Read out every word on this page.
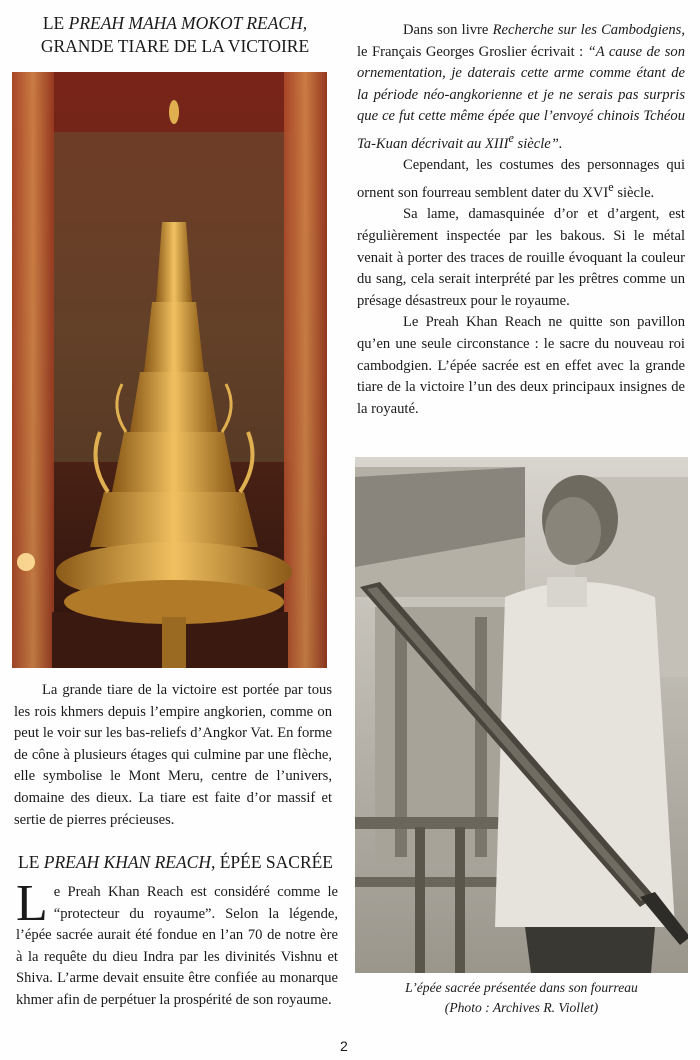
LE PREAH MAHA MOKOT REACH,
GRANDE TIARE DE LA VICTOIRE

La grande tiare de la victoire est portée par tous les rois khmers depuis l’empire angkorien, comme on peut le voir sur les bas-reliefs d’Angkor Vat. En forme de cône à plusieurs étages qui culmine par une flèche, elle symbolise le Mont Meru, centre de l’univers, domaine des dieux. La tiare est faite d’or massif et sertie de pierres précieuses.

LE PREAH KHAN REACH, ÉPÉE SACRÉE

Le Preah Khan Reach est considéré comme le “protecteur du royaume”. Selon la légende, l’épée sacrée aurait été fondue en l’an 70 de notre ère à la requête du dieu Indra par les divinités Vishnu et Shiva. L’arme devait ensuite être confiée au monarque khmer afin de perpétuer la prospérité de son royaume.

Dans son livre Recherche sur les Cambodgiens, le Français Georges Groslier écrivait : “A cause de son ornementation, je daterais cette arme comme étant de la période néo-angkorienne et je ne serais pas surpris que ce fut cette même épée que l’envoyé chinois Tchéou Ta-Kuan décrivait au XIIIe siècle”.

Cependant, les costumes des personnages qui ornent son fourreau semblent dater du XVIe siècle.

Sa lame, damasquinée d’or et d’argent, est régulièrement inspectée par les bakous. Si le métal venait à porter des traces de rouille évoquant la couleur du sang, cela serait interprété par les prêtres comme un présage désastreux pour le royaume.

Le Preah Khan Reach ne quitte son pavillon qu’en une seule circonstance : le sacre du nouveau roi cambodgien. L’épée sacrée est en effet avec la grande tiare de la victoire l’un des deux principaux insignes de la royauté.

L’épée sacrée présentée dans son fourreau
(Photo : Archives R. Viollet)
2
